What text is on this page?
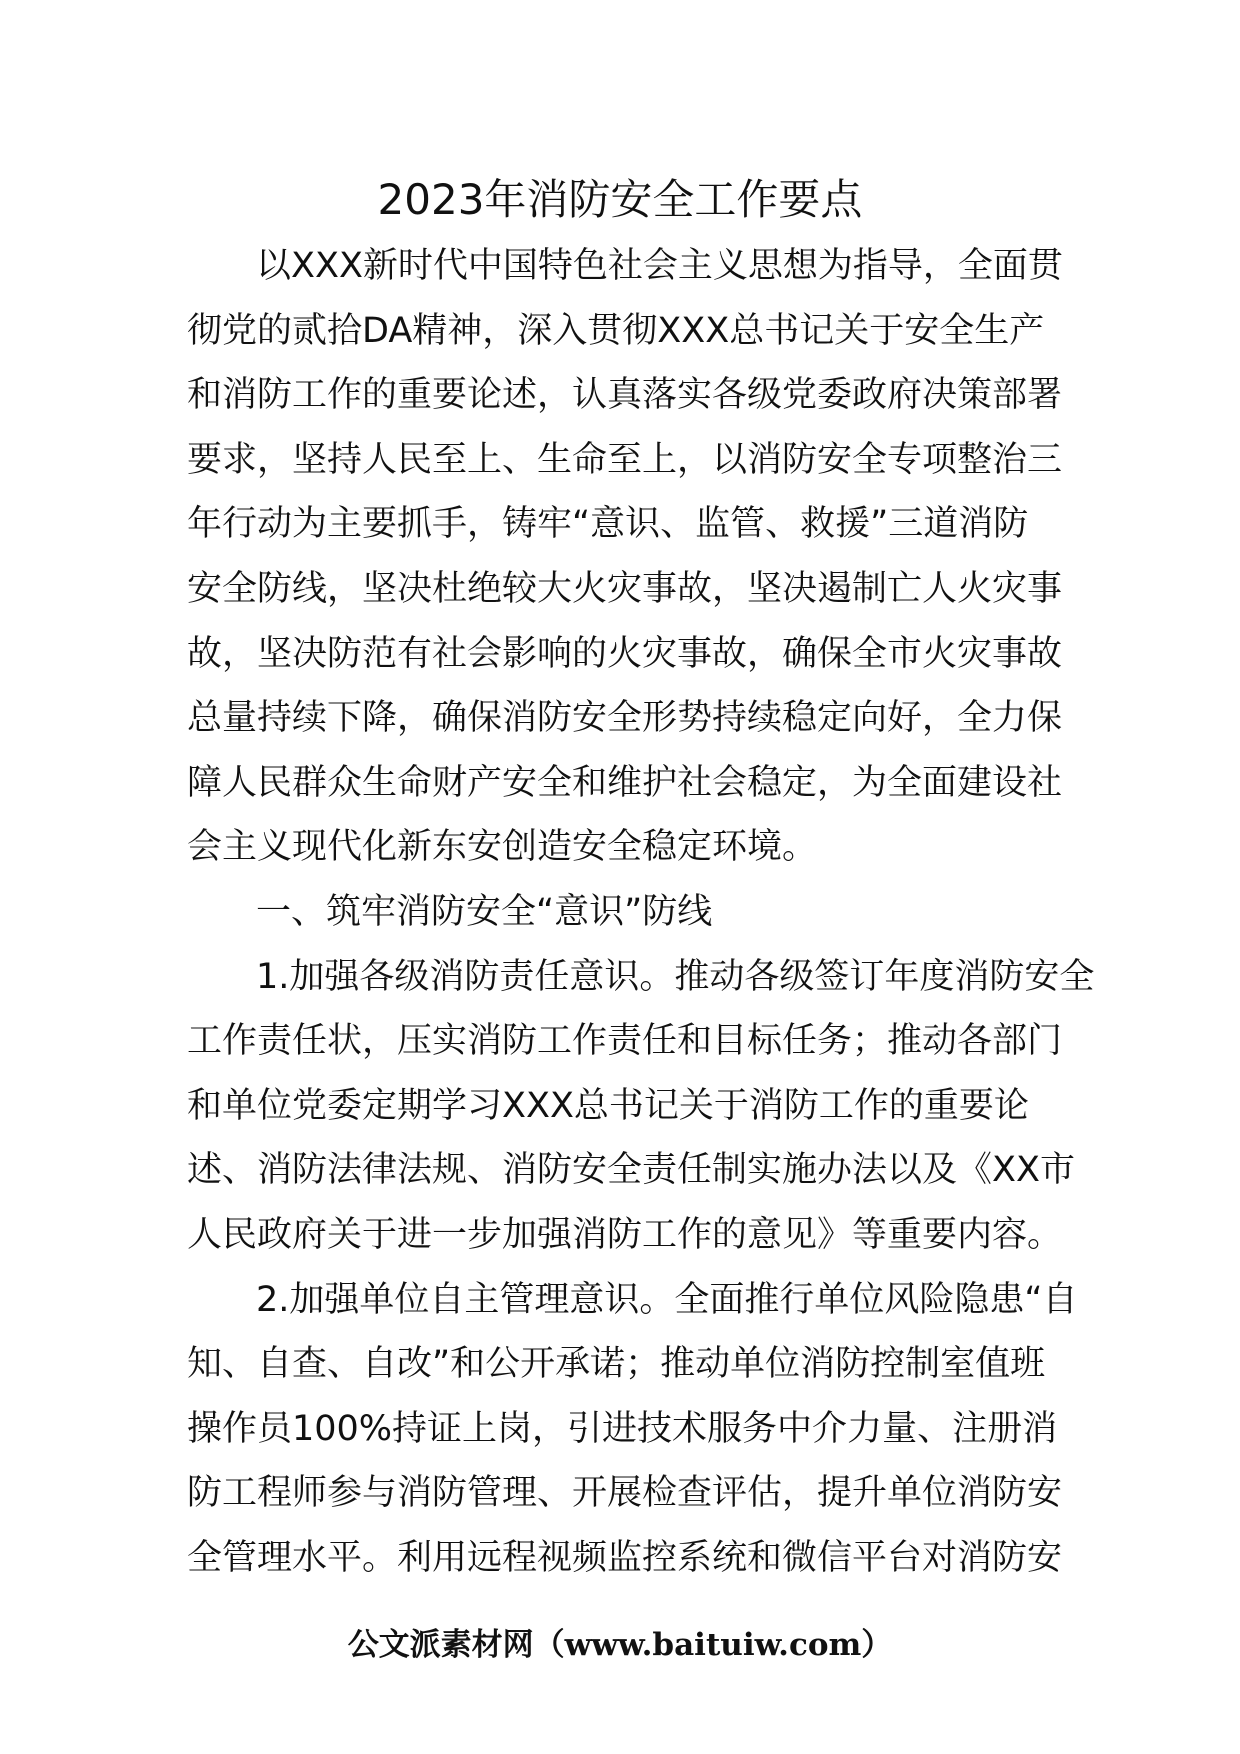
2023年消防安全工作要点

以XXX新时代中国特色社会主义思想为指导，全面贯

彻党的贰拾DA精神，深入贯彻XXX总书记关于安全生产

和消防工作的重要论述，认真落实各级党委政府决策部署

要求，坚持人民至上、生命至上，以消防安全专项整治三

年行动为主要抓手，铸牢“意识、监管、救援”三道消防

安全防线，坚决杜绝较大火灾事故，坚决遏制亡人火灾事

故，坚决防范有社会影响的火灾事故，确保全市火灾事故

总量持续下降，确保消防安全形势持续稳定向好，全力保

障人民群众生命财产安全和维护社会稳定，为全面建设社

会主义现代化新东安创造安全稳定环境。

一、筑牢消防安全“意识”防线

1.加强各级消防责任意识。推动各级签订年度消防安全

工作责任状，压实消防工作责任和目标任务；推动各部门

和单位党委定期学习XXX总书记关于消防工作的重要论

述、消防法律法规、消防安全责任制实施办法以及《XX市

人民政府关于进一步加强消防工作的意见》等重要内容。

2.加强单位自主管理意识。全面推行单位风险隐患“自

知、自查、自改”和公开承诺；推动单位消防控制室值班

操作员100%持证上岗，引进技术服务中介力量、注册消

防工程师参与消防管理、开展检查评估，提升单位消防安

全管理水平。利用远程视频监控系统和微信平台对消防安

公文派素材网（www.baituiw.com）
